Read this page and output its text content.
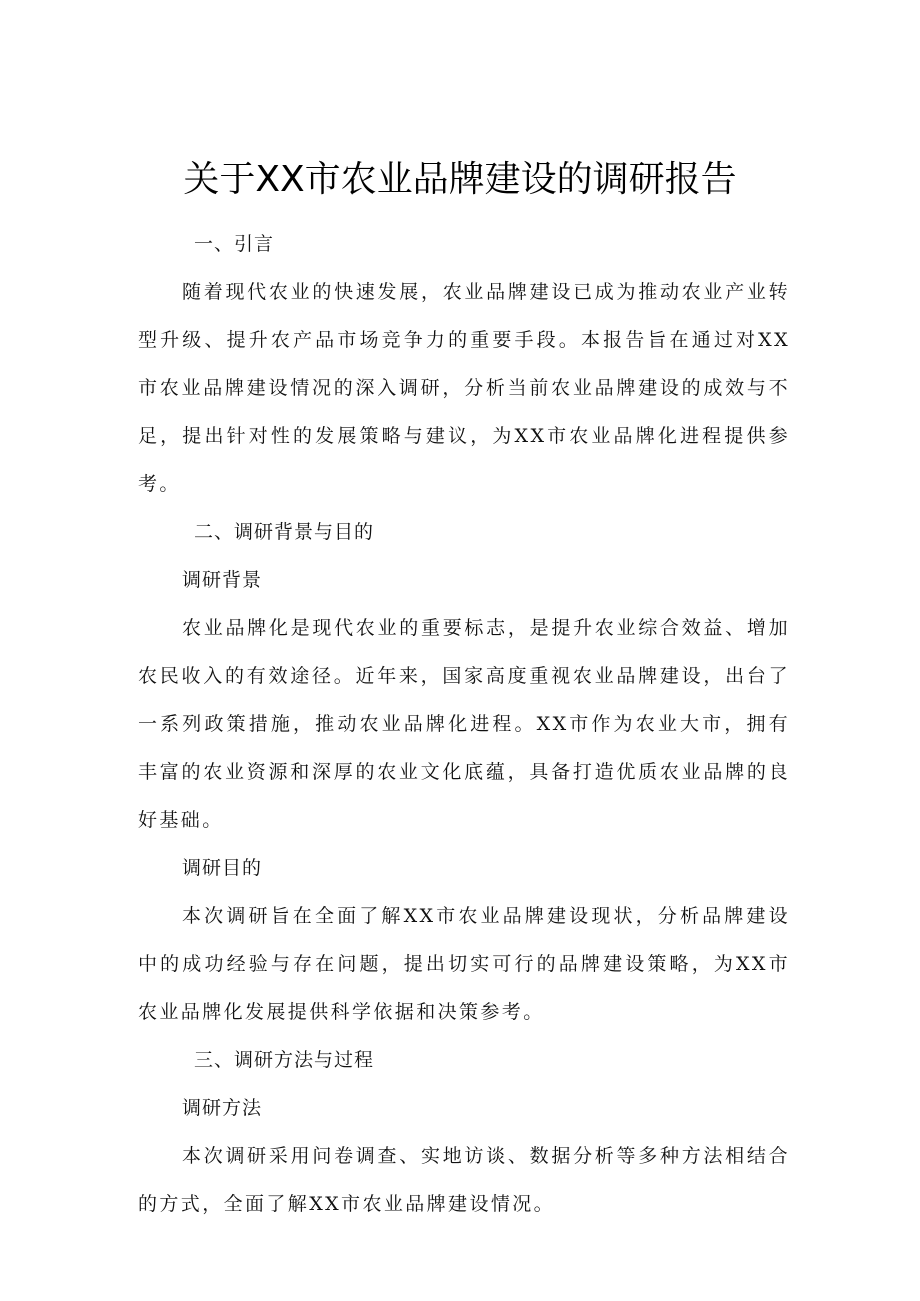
关于XX市农业品牌建设的调研报告

一、引言

随着现代农业的快速发展，农业品牌建设已成为推动农业产业转型升级、提升农产品市场竞争力的重要手段。本报告旨在通过对XX市农业品牌建设情况的深入调研，分析当前农业品牌建设的成效与不足，提出针对性的发展策略与建议，为XX市农业品牌化进程提供参考。

二、调研背景与目的

调研背景

农业品牌化是现代农业的重要标志，是提升农业综合效益、增加农民收入的有效途径。近年来，国家高度重视农业品牌建设，出台了一系列政策措施，推动农业品牌化进程。XX市作为农业大市，拥有丰富的农业资源和深厚的农业文化底蕴，具备打造优质农业品牌的良好基础。

调研目的

本次调研旨在全面了解XX市农业品牌建设现状，分析品牌建设中的成功经验与存在问题，提出切实可行的品牌建设策略，为XX市农业品牌化发展提供科学依据和决策参考。

三、调研方法与过程

调研方法

本次调研采用问卷调查、实地访谈、数据分析等多种方法相结合的方式，全面了解XX市农业品牌建设情况。
